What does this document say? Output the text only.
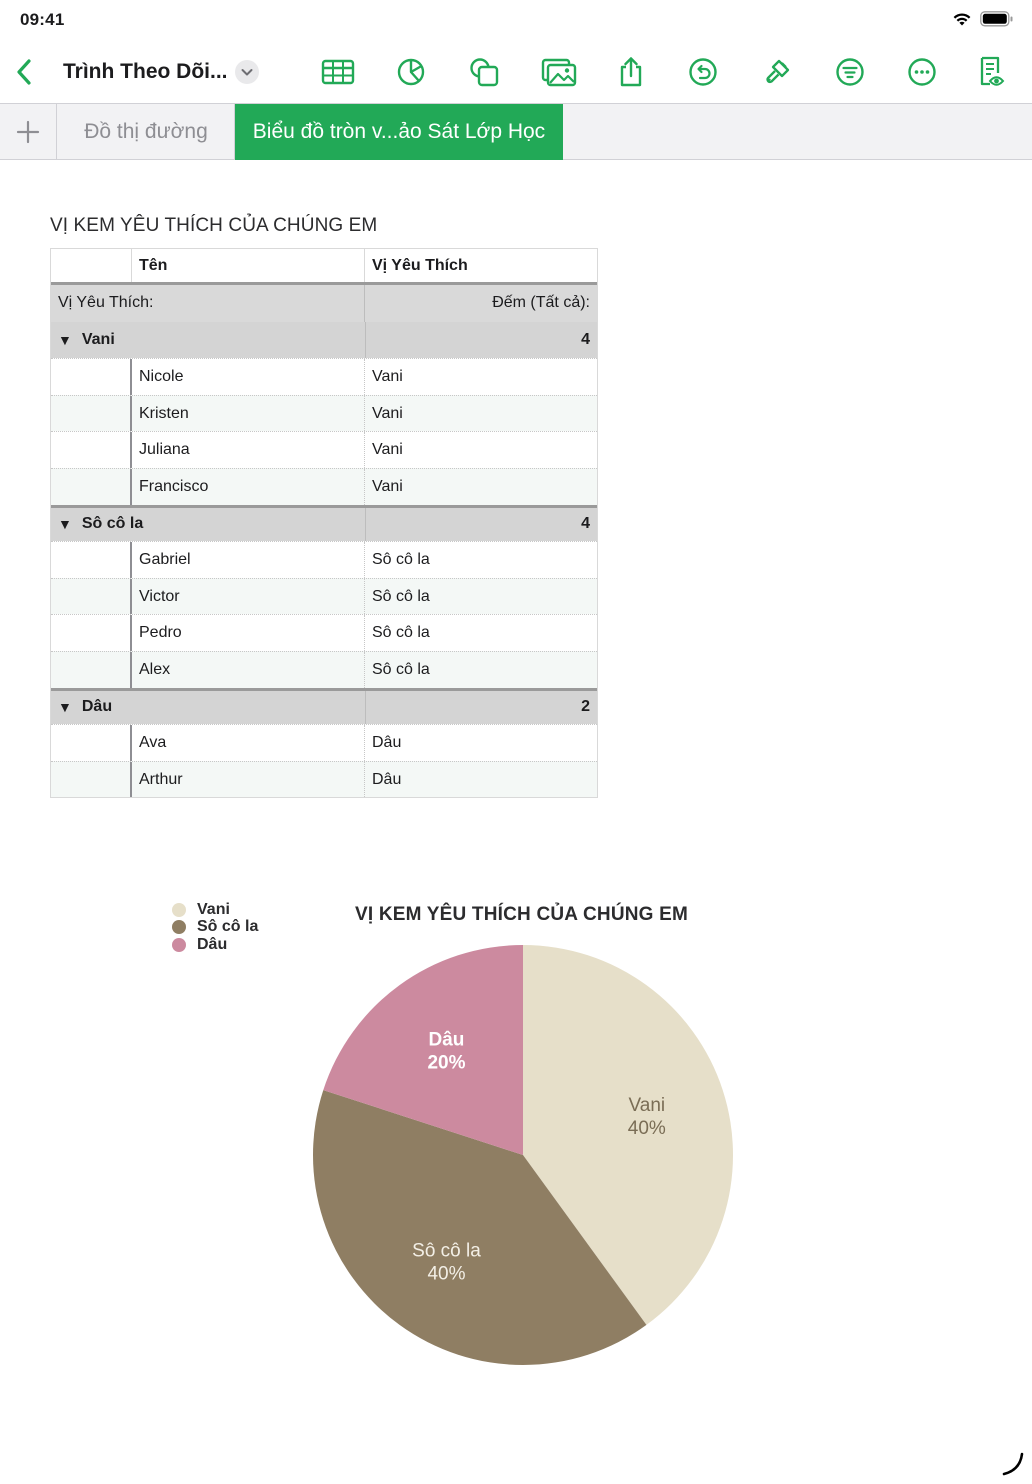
09:41
Trình Theo Dõi...
Đồ thị đường	Biểu đồ tròn v...ảo Sát Lớp Học
VỊ KEM YÊU THÍCH CỦA CHÚNG EM
Tên	Vị Yêu Thích
Vị Yêu Thích:	Đếm (Tất cả):
▼ Vani	4
Nicole	Vani
Kristen	Vani
Juliana	Vani
Francisco	Vani
▼ Sô cô la	4
Gabriel	Sô cô la
Victor	Sô cô la
Pedro	Sô cô la
Alex	Sô cô la
▼ Dâu	2
Ava	Dâu
Arthur	Dâu
Vani
Sô cô la
Dâu
VỊ KEM YÊU THÍCH CỦA CHÚNG EM
Vani
40%
Sô cô la
40%
Dâu
20%
